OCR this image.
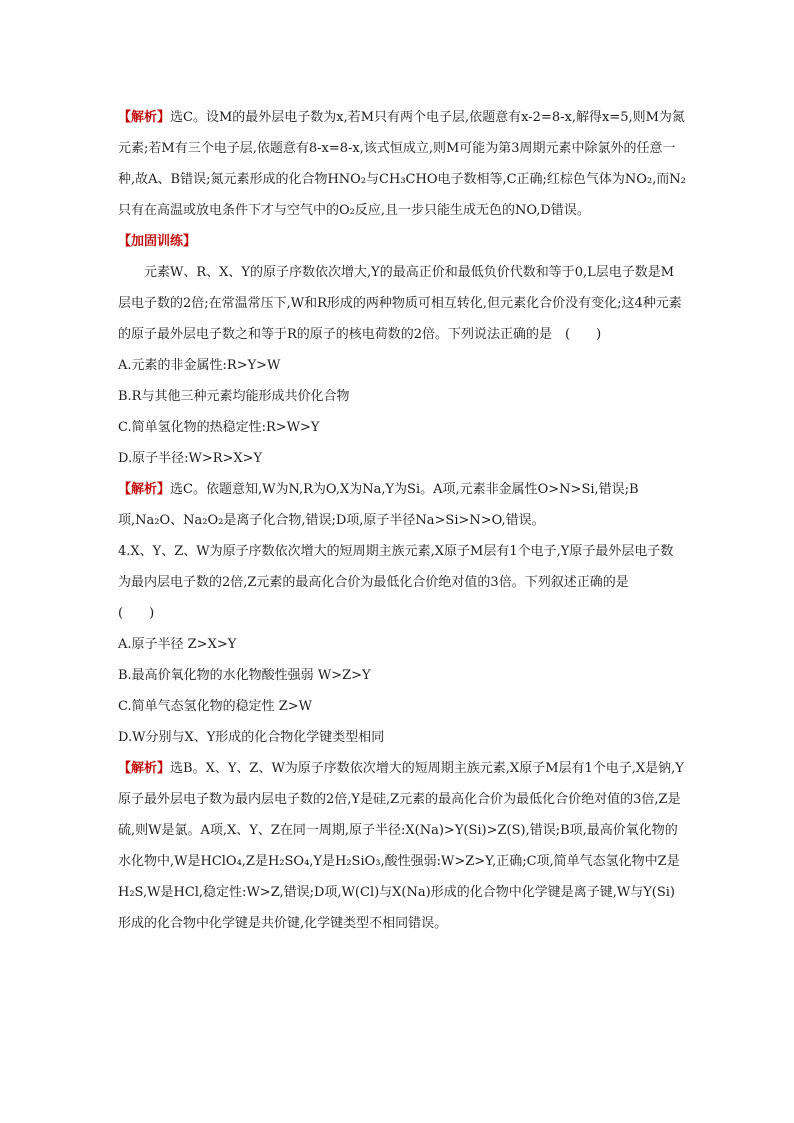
【解析】选C。设M的最外层电子数为x,若M只有两个电子层,依题意有x-2=8-x,解得x=5,则M为氮元素;若M有三个电子层,依题意有8-x=8-x,该式恒成立,则M可能为第3周期元素中除氯外的任意一种,故A、B错误;氮元素形成的化合物HNO₂与CH₃CHO电子数相等,C正确;红棕色气体为NO₂,而N₂只有在高温或放电条件下才与空气中的O₂反应,且一步只能生成无色的NO,D错误。

【加固训练】

元素W、R、X、Y的原子序数依次增大,Y的最高正价和最低负价代数和等于0,L层电子数是M层电子数的2倍;在常温常压下,W和R形成的两种物质可相互转化,但元素化合价没有变化;这4种元素的原子最外层电子数之和等于R的原子的核电荷数的2倍。下列说法正确的是　(　　)

A.元素的非金属性:R>Y>W

B.R与其他三种元素均能形成共价化合物

C.简单氢化物的热稳定性:R>W>Y

D.原子半径:W>R>X>Y

【解析】选C。依题意知,W为N,R为O,X为Na,Y为Si。A项,元素非金属性O>N>Si,错误;B项,Na₂O、Na₂O₂是离子化合物,错误;D项,原子半径Na>Si>N>O,错误。

4.X、Y、Z、W为原子序数依次增大的短周期主族元素,X原子M层有1个电子,Y原子最外层电子数为最内层电子数的2倍,Z元素的最高化合价为最低化合价绝对值的3倍。下列叙述正确的是　　(　　)

A.原子半径 Z>X>Y

B.最高价氧化物的水化物酸性强弱 W>Z>Y

C.简单气态氢化物的稳定性 Z>W

D.W分别与X、Y形成的化合物化学键类型相同

【解析】选B。X、Y、Z、W为原子序数依次增大的短周期主族元素,X原子M层有1个电子,X是钠,Y原子最外层电子数为最内层电子数的2倍,Y是硅,Z元素的最高化合价为最低化合价绝对值的3倍,Z是硫,则W是氯。A项,X、Y、Z在同一周期,原子半径:X(Na)>Y(Si)>Z(S),错误;B项,最高价氧化物的水化物中,W是HClO₄,Z是H₂SO₄,Y是H₂SiO₃,酸性强弱:W>Z>Y,正确;C项,简单气态氢化物中Z是H₂S,W是HCl,稳定性:W>Z,错误;D项,W(Cl)与X(Na)形成的化合物中化学键是离子键,W与Y(Si)形成的化合物中化学键是共价键,化学键类型不相同错误。
